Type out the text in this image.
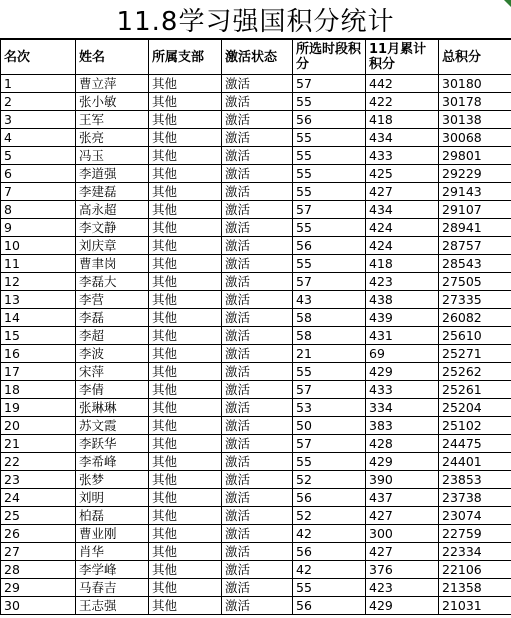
11.8学习强国积分统计
名次	姓名	所属支部	激活状态	所选时段积分	11月累计积分	总积分
1	曹立萍	其他	激活	57	442	30180
2	张小敏	其他	激活	55	422	30178
3	王军	其他	激活	56	418	30138
4	张亮	其他	激活	55	434	30068
5	冯玉	其他	激活	55	433	29801
6	李道强	其他	激活	55	425	29229
7	李建磊	其他	激活	55	427	29143
8	高永超	其他	激活	57	434	29107
9	李文静	其他	激活	55	424	28941
10	刘庆章	其他	激活	56	424	28757
11	曹聿岗	其他	激活	55	418	28543
12	李磊大	其他	激活	57	423	27505
13	李营	其他	激活	43	438	27335
14	李磊	其他	激活	58	439	26082
15	李超	其他	激活	58	431	25610
16	李波	其他	激活	21	69	25271
17	宋萍	其他	激活	55	429	25262
18	李倩	其他	激活	57	433	25261
19	张琳琳	其他	激活	53	334	25204
20	苏文霞	其他	激活	50	383	25102
21	李跃华	其他	激活	57	428	24475
22	李希峰	其他	激活	55	429	24401
23	张梦	其他	激活	52	390	23853
24	刘明	其他	激活	56	437	23738
25	柏磊	其他	激活	52	427	23074
26	曹业刚	其他	激活	42	300	22759
27	肖华	其他	激活	56	427	22334
28	李学峰	其他	激活	42	376	22106
29	马春吉	其他	激活	55	423	21358
30	王志强	其他	激活	56	429	21031
